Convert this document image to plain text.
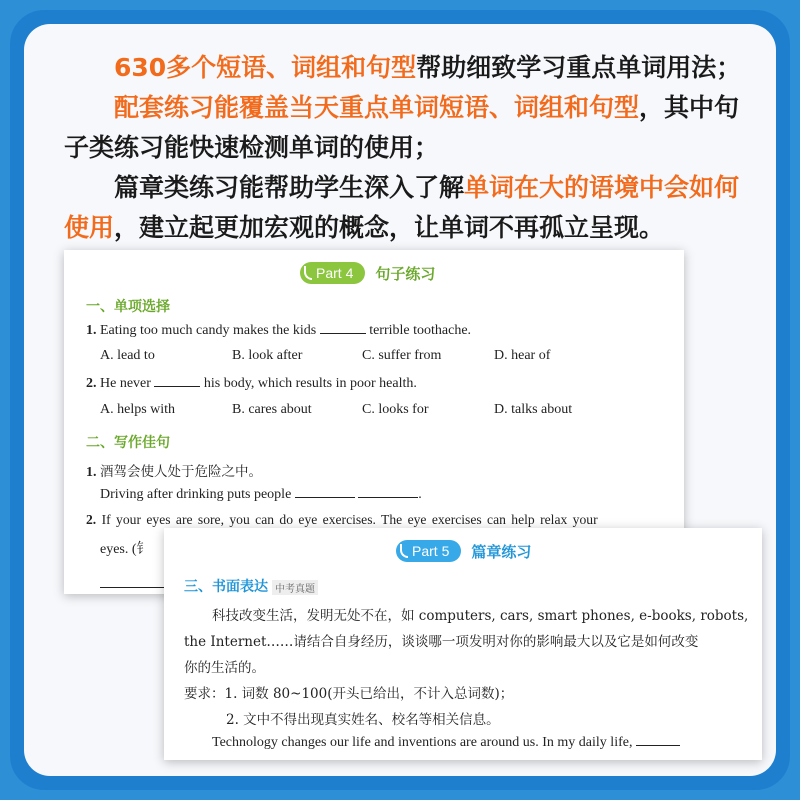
630多个短语、词组和句型帮助细致学习重点单词用法；

配套练习能覆盖当天重点单词短语、词组和句型，其中句

子类练习能快速检测单词的使用；

篇章类练习能帮助学生深入了解单词在大的语境中会如何

使用，建立起更加宏观的概念，让单词不再孤立呈现。

Part 4	句子练习
一、单项选择
1. Eating too much candy makes the kids	terrible toothache.
A. lead to	B. look after	C. suffer from	D. hear of
2. He never	his body, which results in poor health.
A. helps with	B. cares about	C. looks for	D. talks about
二、写作佳句
1. 酒驾会使人处于危险之中。
Driving after drinking puts people	.
2. If your eyes are sore, you can do eye exercises. The eye exercises can help relax your
eyes. (钅	Part 5	篇章练习
三、书面表达 中考真题
科技改变生活，发明无处不在，如 computers, cars, smart phones, e-books, robots,
the Internet……请结合自身经历，谈谈哪一项发明对你的影响最大以及它是如何改变
你的生活的。
要求：1. 词数 80~100(开头已给出，不计入总词数)；
2. 文中不得出现真实姓名、校名等相关信息。
Technology changes our life and inventions are around us. In my daily life,
